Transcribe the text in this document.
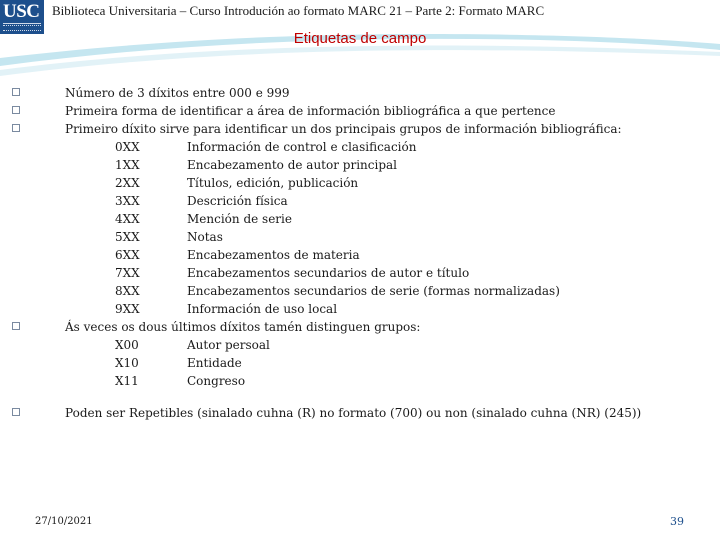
USC Biblioteca Universitaria – Curso Introdución ao formato MARC 21 – Parte 2: Formato MARC
Etiquetas de campo
Número de 3 díxitos entre 000 e 999
Primeira forma de identificar a área de información bibliográfica a que pertence
Primeiro díxito sirve para identificar un dos principais grupos de información bibliográfica:
0XX	Información de control e clasificación
1XX	Encabezamento de autor principal
2XX	Títulos, edición, publicación
3XX	Descrición física
4XX	Mención de serie
5XX	Notas
6XX	Encabezamentos de materia
7XX	Encabezamentos secundarios de autor e título
8XX	Encabezamentos secundarios de serie (formas normalizadas)
9XX	Información de uso local
Ás veces os dous últimos díxitos tamén distinguen grupos:
X00	Autor persoal
X10	Entidade
X11	Congreso
Poden ser Repetibles (sinalado cuhna (R) no formato (700) ou non (sinalado cuhna (NR) (245))
27/10/2021	39
